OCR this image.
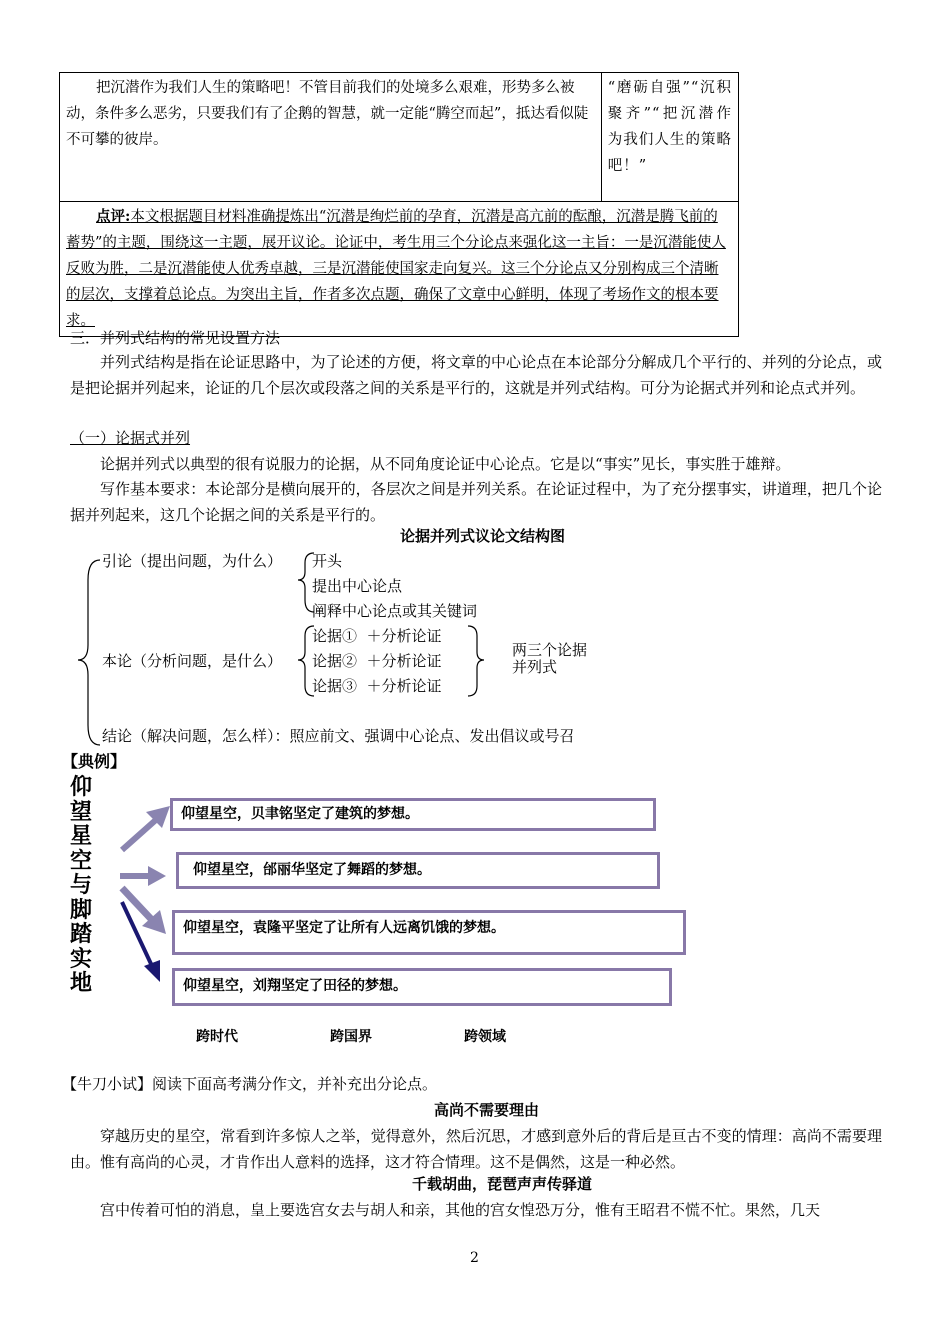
把沉潜作为我们人生的策略吧！不管目前我们的处境多么艰难，形势多么被动，条件多么恶劣，只要我们有了企鹅的智慧，就一定能“腾空而起”，抵达看似陡不可攀的彼岸。
	“磨砺自强”“沉积聚齐”“把沉潜作为我们人生的策略吧！”

点评:本文根据题目材料准确提炼出“沉潜是绚烂前的孕育，沉潜是高亢前的酝酿，沉潜是腾飞前的蓄势”的主题，围绕这一主题，展开议论。论证中，考生用三个分论点来强化这一主旨：一是沉潜能使人反败为胜，二是沉潜能使人优秀卓越，三是沉潜能使国家走向复兴。这三个分论点又分别构成三个清晰的层次，支撑着总论点。为突出主旨，作者多次点题，确保了文章中心鲜明，体现了考场作文的根本要求。
三．并列式结构的常见设置方法

并列式结构是指在论证思路中，为了论述的方便，将文章的中心论点在本论部分分解成几个平行的、并列的分论点，或是把论据并列起来，论证的几个层次或段落之间的关系是平行的，这就是并列式结构。可分为论据式并列和论点式并列。

（一）论据式并列

论据并列式以典型的很有说服力的论据，从不同角度论证中心论点。它是以“事实”见长，事实胜于雄辩。

写作基本要求：本论部分是横向展开的，各层次之间是并列关系。在论证过程中，为了充分摆事实，讲道理，把几个论据并列起来，这几个论据之间的关系是平行的。

论据并列式议论文结构图
引论（提出问题，为什么） 开头
提出中心论点
阐释中心论点或其关键词
本论（分析问题，是什么）
论据①  ＋分析论证
论据②  ＋分析论证
论据③  ＋分析论证
两三个论据
并列式
结论（解决问题，怎么样）：照应前文、强调中心论点、发出倡议或号召
【典例】
仰
望
星
空
与
脚
踏
实
地
仰望星空，贝聿铭坚定了建筑的梦想。
仰望星空，邰丽华坚定了舞蹈的梦想。
仰望星空，袁隆平坚定了让所有人远离饥饿的梦想。
仰望星空，刘翔坚定了田径的梦想。
跨时代	跨国界	跨领域
【牛刀小试】阅读下面高考满分作文，并补充出分论点。
高尚不需要理由

穿越历史的星空，常看到许多惊人之举，觉得意外，然后沉思，才感到意外后的背后是亘古不变的情理：高尚不需要理由。惟有高尚的心灵，才肯作出人意料的选择，这才符合情理。这不是偶然，这是一种必然。

千载胡曲，琵琶声声传驿道

宫中传着可怕的消息，皇上要选宫女去与胡人和亲，其他的宫女惶恐万分，惟有王昭君不慌不忙。果然，几天

2
